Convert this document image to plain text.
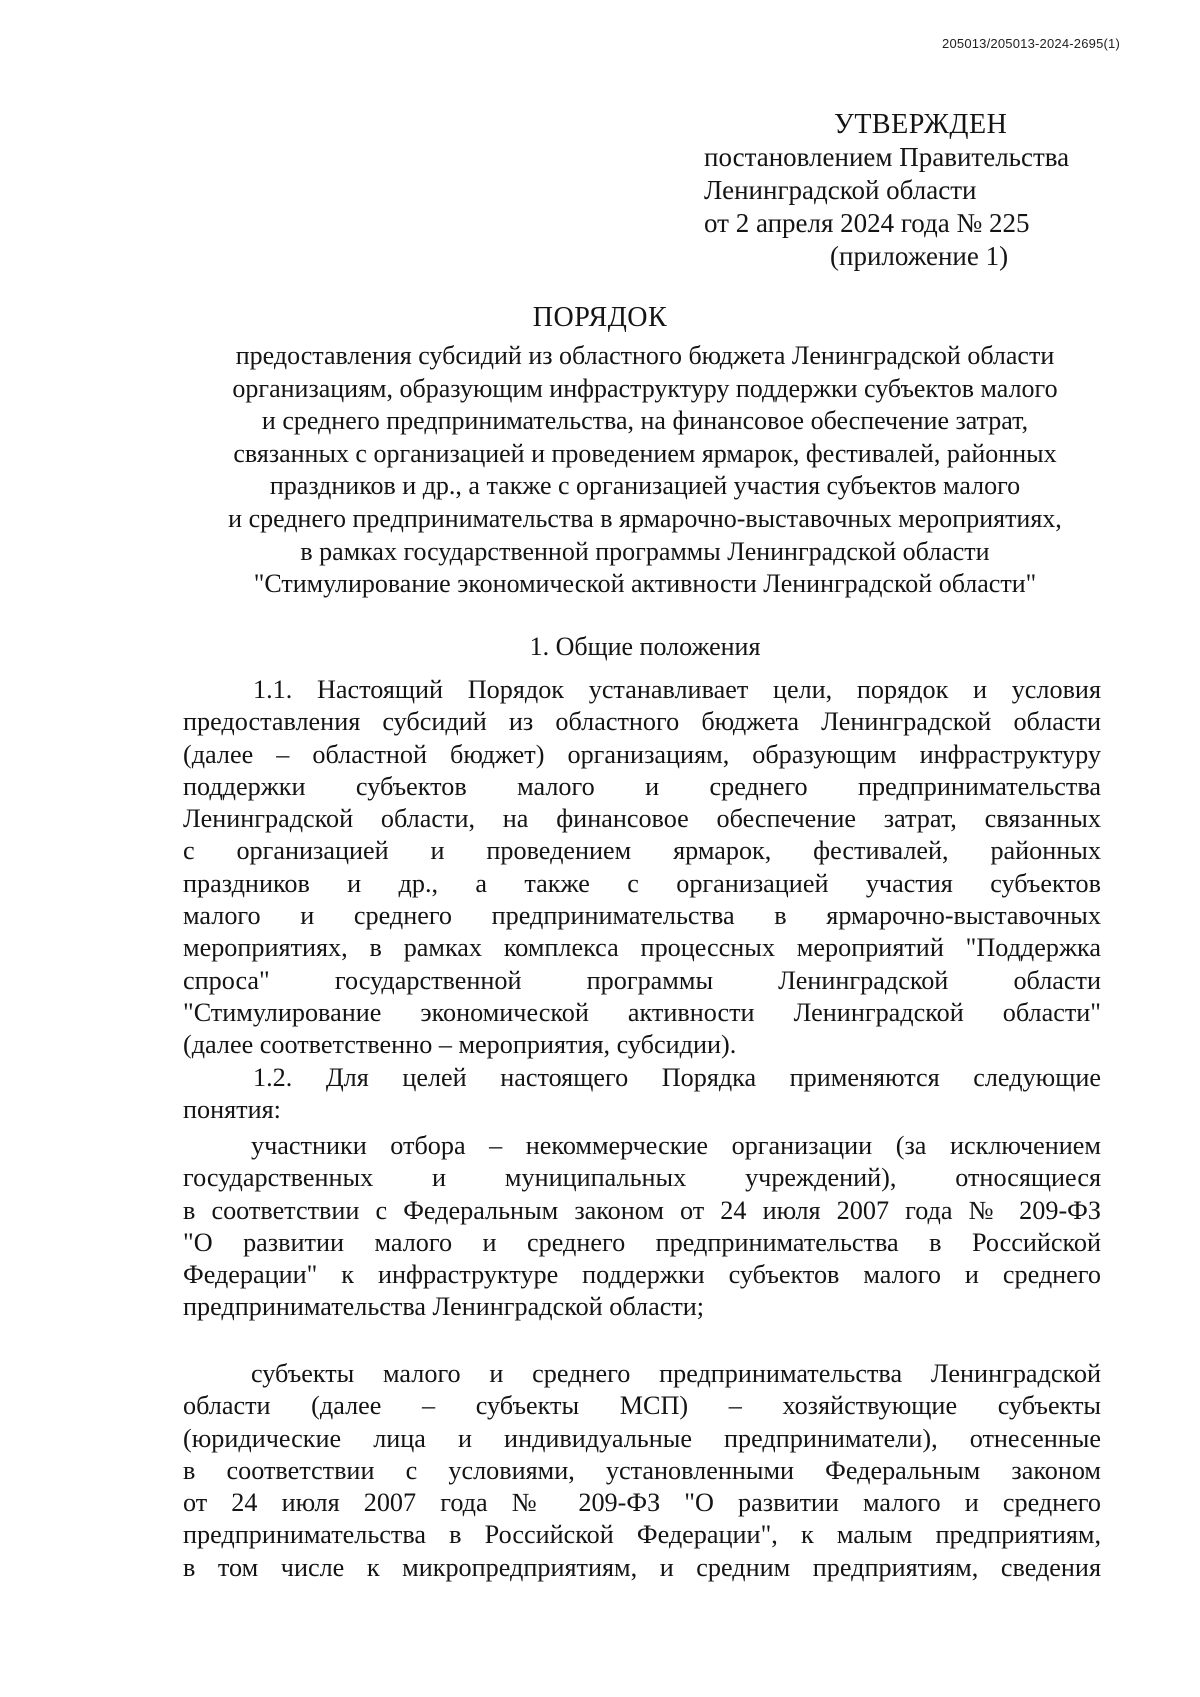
205013/205013-2024-2695(1)
УТВЕРЖДЕН
постановлением Правительства
Ленинградской области
от 2 апреля 2024 года № 225
(приложение 1)
ПОРЯДОК
предоставления субсидий из областного бюджета Ленинградской области
организациям, образующим инфраструктуру поддержки субъектов малого
и среднего предпринимательства, на финансовое обеспечение затрат,
связанных с организацией и проведением ярмарок, фестивалей, районных
праздников и др., а также с организацией участия субъектов малого
и среднего предпринимательства в ярмарочно-выставочных мероприятиях,
в рамках государственной программы Ленинградской области
"Стимулирование экономической активности Ленинградской области"
1. Общие положения
1.1. Настоящий Порядок устанавливает цели, порядок и условия
предоставления субсидий из областного бюджета Ленинградской области
(далее – областной бюджет) организациям, образующим инфраструктуру
поддержки субъектов малого и среднего предпринимательства
Ленинградской области, на финансовое обеспечение затрат, связанных
с организацией и проведением ярмарок, фестивалей, районных
праздников и др., а также с организацией участия субъектов
малого и среднего предпринимательства в ярмарочно-выставочных
мероприятиях, в рамках комплекса процессных мероприятий "Поддержка
спроса" государственной программы Ленинградской области
"Стимулирование экономической активности Ленинградской области"
(далее соответственно – мероприятия, субсидии).
1.2. Для целей настоящего Порядка применяются следующие
понятия:
участники отбора – некоммерческие организации (за исключением
государственных и муниципальных учреждений), относящиеся
в соответствии с Федеральным законом от 24 июля 2007 года № 209-ФЗ
"О развитии малого и среднего предпринимательства в Российской
Федерации" к инфраструктуре поддержки субъектов малого и среднего
предпринимательства Ленинградской области;
субъекты малого и среднего предпринимательства Ленинградской
области (далее – субъекты МСП) – хозяйствующие субъекты
(юридические лица и индивидуальные предприниматели), отнесенные
в соответствии с условиями, установленными Федеральным законом
от 24 июля 2007 года № 209-ФЗ "О развитии малого и среднего
предпринимательства в Российской Федерации", к малым предприятиям,
в том числе к микропредприятиям, и средним предприятиям, сведения
